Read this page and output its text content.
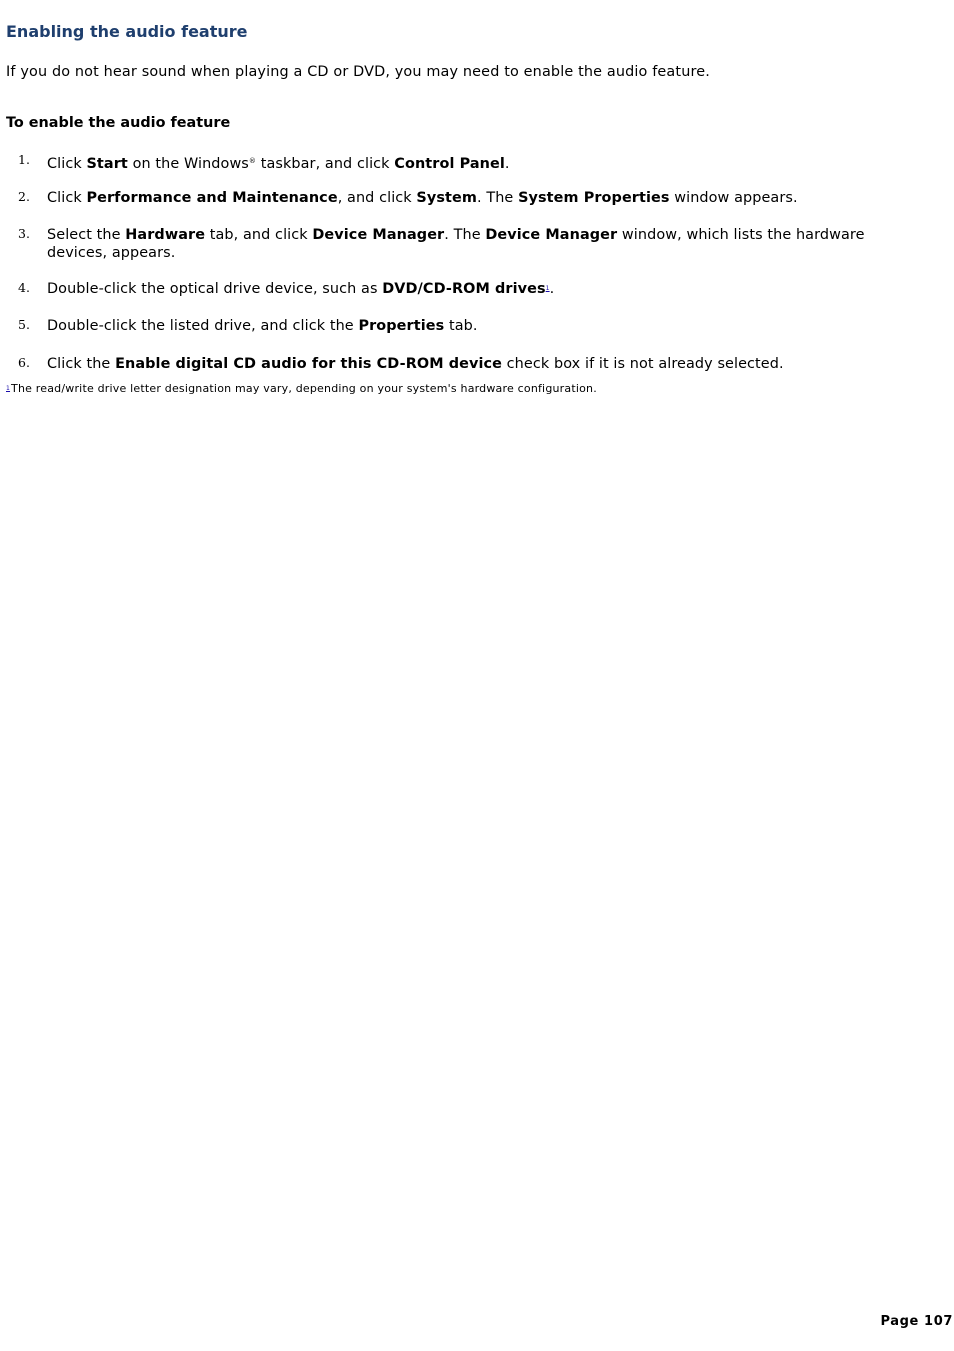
Enabling the audio feature

If you do not hear sound when playing a CD or DVD, you may need to enable the audio feature.

To enable the audio feature
1. Click Start on the Windows® taskbar, and click Control Panel.
2. Click Performance and Maintenance, and click System. The System Properties window appears.
3. Select the Hardware tab, and click Device Manager. The Device Manager window, which lists the hardware devices, appears.
4. Double-click the optical drive device, such as DVD/CD-ROM drives$^1$.
5. Double-click the listed drive, and click the Properties tab.
6. Click the Enable digital CD audio for this CD-ROM device check box if it is not already selected.

1The read/write drive letter designation may vary, depending on your system's hardware configuration.

Page 107
